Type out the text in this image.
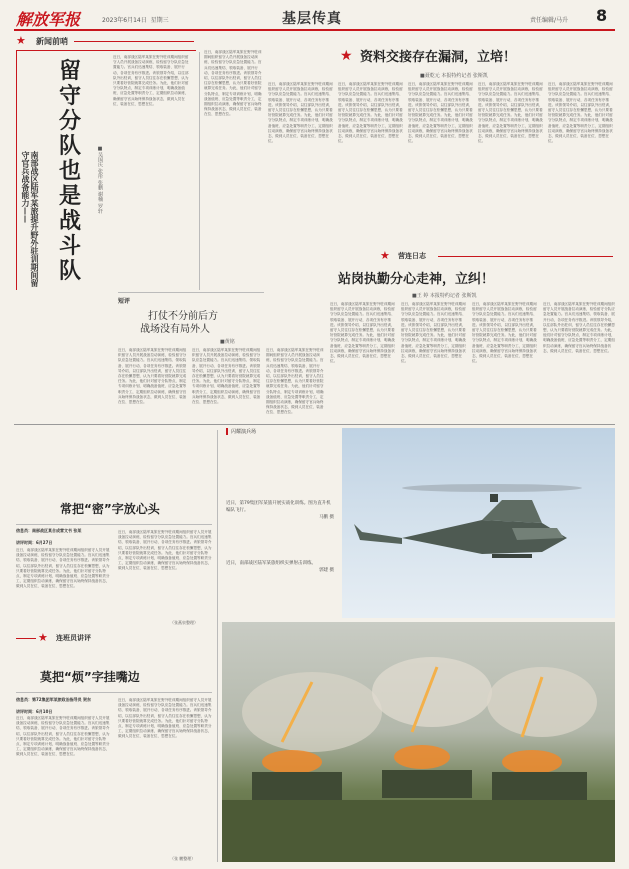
解放军报	2023年6月14日 星期三	基层传真	责任编辑/马升 8
★ 新闻前哨
留
守
分
队
也
是
战
斗
队
南部战区陆军某旅提升野外驻训期间留守官兵战备能力——	■吴国庆 张彤 张鹏 谢楠 罗轩
近日，南部战区陆军某旅在野外驻训期间组织留守人员开展战备拉动演练，检验留守分队应急处置能力。官兵们迅速集结、领取装备、展开行动，各项任务有序推进。该旅领导介绍，以往部队外出驻训，留守人员往往存在松懈思想，认为只要看好营院就算完成任务。为此，他们针对留守分队特点，制定专项训练计划，明确战备值班、应急处置等职责分工，定期组织拉动演练，确保留守官兵始终保持战备状态，做到人员在位、装备在位、思想在位。
近日，南部战区陆军某旅在野外驻训期间组织留守人员开展战备拉动演练，检验留守分队应急处置能力。官兵们迅速集结、领取装备、展开行动，各项任务有序推进。该旅领导介绍，以往部队外出驻训，留守人员往往存在松懈思想，认为只要看好营院就算完成任务。为此，他们针对留守分队特点，制定专项训练计划，明确战备值班、应急处置等职责分工，定期组织拉动演练，确保留守官兵始终保持战备状态，做到人员在位、装备在位、思想在位。
资料交接存在漏洞，立培！
★
■聂乾元 本报特约记者 张斯凯
近日，南部战区陆军某旅在野外驻训期间组织留守人员开展战备拉动演练，检验留守分队应急处置能力。官兵们迅速集结、领取装备、展开行动，各项任务有序推进。该旅领导介绍，以往部队外出驻训，留守人员往往存在松懈思想，认为只要看好营院就算完成任务。为此，他们针对留守分队特点，制定专项训练计划，明确战备值班、应急处置等职责分工，定期组织拉动演练，确保留守官兵始终保持战备状态，做到人员在位、装备在位、思想在位。
近日，南部战区陆军某旅在野外驻训期间组织留守人员开展战备拉动演练，检验留守分队应急处置能力。官兵们迅速集结、领取装备、展开行动，各项任务有序推进。该旅领导介绍，以往部队外出驻训，留守人员往往存在松懈思想，认为只要看好营院就算完成任务。为此，他们针对留守分队特点，制定专项训练计划，明确战备值班、应急处置等职责分工，定期组织拉动演练，确保留守官兵始终保持战备状态，做到人员在位、装备在位、思想在位。
近日，南部战区陆军某旅在野外驻训期间组织留守人员开展战备拉动演练，检验留守分队应急处置能力。官兵们迅速集结、领取装备、展开行动，各项任务有序推进。该旅领导介绍，以往部队外出驻训，留守人员往往存在松懈思想，认为只要看好营院就算完成任务。为此，他们针对留守分队特点，制定专项训练计划，明确战备值班、应急处置等职责分工，定期组织拉动演练，确保留守官兵始终保持战备状态，做到人员在位、装备在位、思想在位。
近日，南部战区陆军某旅在野外驻训期间组织留守人员开展战备拉动演练，检验留守分队应急处置能力。官兵们迅速集结、领取装备、展开行动，各项任务有序推进。该旅领导介绍，以往部队外出驻训，留守人员往往存在松懈思想，认为只要看好营院就算完成任务。为此，他们针对留守分队特点，制定专项训练计划，明确战备值班、应急处置等职责分工，定期组织拉动演练，确保留守官兵始终保持战备状态，做到人员在位、装备在位、思想在位。
近日，南部战区陆军某旅在野外驻训期间组织留守人员开展战备拉动演练，检验留守分队应急处置能力。官兵们迅速集结、领取装备、展开行动，各项任务有序推进。该旅领导介绍，以往部队外出驻训，留守人员往往存在松懈思想，认为只要看好营院就算完成任务。为此，他们针对留守分队特点，制定专项训练计划，明确战备值班、应急处置等职责分工，定期组织拉动演练，确保留守官兵始终保持战备状态，做到人员在位、装备在位、思想在位。
短评
打仗不分前后方
战场没有局外人
■黄铭
近日，南部战区陆军某旅在野外驻训期间组织留守人员开展战备拉动演练，检验留守分队应急处置能力。官兵们迅速集结、领取装备、展开行动，各项任务有序推进。该旅领导介绍，以往部队外出驻训，留守人员往往存在松懈思想，认为只要看好营院就算完成任务。为此，他们针对留守分队特点，制定专项训练计划，明确战备值班、应急处置等职责分工，定期组织拉动演练，确保留守官兵始终保持战备状态，做到人员在位、装备在位、思想在位。
近日，南部战区陆军某旅在野外驻训期间组织留守人员开展战备拉动演练，检验留守分队应急处置能力。官兵们迅速集结、领取装备、展开行动，各项任务有序推进。该旅领导介绍，以往部队外出驻训，留守人员往往存在松懈思想，认为只要看好营院就算完成任务。为此，他们针对留守分队特点，制定专项训练计划，明确战备值班、应急处置等职责分工，定期组织拉动演练，确保留守官兵始终保持战备状态，做到人员在位、装备在位、思想在位。
近日，南部战区陆军某旅在野外驻训期间组织留守人员开展战备拉动演练，检验留守分队应急处置能力。官兵们迅速集结、领取装备、展开行动，各项任务有序推进。该旅领导介绍，以往部队外出驻训，留守人员往往存在松懈思想，认为只要看好营院就算完成任务。为此，他们针对留守分队特点，制定专项训练计划，明确战备值班、应急处置等职责分工，定期组织拉动演练，确保留守官兵始终保持战备状态，做到人员在位、装备在位、思想在位。
★ 营连日志
站岗执勤分心走神，立纠！
■王 婷 本报特约记者 张斯凯
近日，南部战区陆军某旅在野外驻训期间组织留守人员开展战备拉动演练，检验留守分队应急处置能力。官兵们迅速集结、领取装备、展开行动，各项任务有序推进。该旅领导介绍，以往部队外出驻训，留守人员往往存在松懈思想，认为只要看好营院就算完成任务。为此，他们针对留守分队特点，制定专项训练计划，明确战备值班、应急处置等职责分工，定期组织拉动演练，确保留守官兵始终保持战备状态，做到人员在位、装备在位、思想在位。
近日，南部战区陆军某旅在野外驻训期间组织留守人员开展战备拉动演练，检验留守分队应急处置能力。官兵们迅速集结、领取装备、展开行动，各项任务有序推进。该旅领导介绍，以往部队外出驻训，留守人员往往存在松懈思想，认为只要看好营院就算完成任务。为此，他们针对留守分队特点，制定专项训练计划，明确战备值班、应急处置等职责分工，定期组织拉动演练，确保留守官兵始终保持战备状态，做到人员在位、装备在位、思想在位。
近日，南部战区陆军某旅在野外驻训期间组织留守人员开展战备拉动演练，检验留守分队应急处置能力。官兵们迅速集结、领取装备、展开行动，各项任务有序推进。该旅领导介绍，以往部队外出驻训，留守人员往往存在松懈思想，认为只要看好营院就算完成任务。为此，他们针对留守分队特点，制定专项训练计划，明确战备值班、应急处置等职责分工，定期组织拉动演练，确保留守官兵始终保持战备状态，做到人员在位、装备在位、思想在位。
近日，南部战区陆军某旅在野外驻训期间组织留守人员开展战备拉动演练，检验留守分队应急处置能力。官兵们迅速集结、领取装备、展开行动，各项任务有序推进。该旅领导介绍，以往部队外出驻训，留守人员往往存在松懈思想，认为只要看好营院就算完成任务。为此，他们针对留守分队特点，制定专项训练计划，明确战备值班、应急处置等职责分工，定期组织拉动演练，确保留守官兵始终保持战备状态，做到人员在位、装备在位、思想在位。
闪耀演兵场
常把“密”字放心头
信息员：南部战区某合成营文书 张某
讲评时间：6月27日
近日，南部战区陆军某旅在野外驻训期间组织留守人员开展战备拉动演练，检验留守分队应急处置能力。官兵们迅速集结、领取装备、展开行动，各项任务有序推进。该旅领导介绍，以往部队外出驻训，留守人员往往存在松懈思想，认为只要看好营院就算完成任务。为此，他们针对留守分队特点，制定专项训练计划，明确战备值班、应急处置等职责分工，定期组织拉动演练，确保留守官兵始终保持战备状态，做到人员在位、装备在位、思想在位。
近日，南部战区陆军某旅在野外驻训期间组织留守人员开展战备拉动演练，检验留守分队应急处置能力。官兵们迅速集结、领取装备、展开行动，各项任务有序推进。该旅领导介绍，以往部队外出驻训，留守人员往往存在松懈思想，认为只要看好营院就算完成任务。为此，他们针对留守分队特点，制定专项训练计划，明确战备值班、应急处置等职责分工，定期组织拉动演练，确保留守官兵始终保持战备状态，做到人员在位、装备在位、思想在位。
（张燕泉整理）
★ 连班员讲评
莫把“烦”字挂嘴边
信息员：第72集团军某旅政治指导员 贺东
讲评时间：6月10日
近日，南部战区陆军某旅在野外驻训期间组织留守人员开展战备拉动演练，检验留守分队应急处置能力。官兵们迅速集结、领取装备、展开行动，各项任务有序推进。该旅领导介绍，以往部队外出驻训，留守人员往往存在松懈思想，认为只要看好营院就算完成任务。为此，他们针对留守分队特点，制定专项训练计划，明确战备值班、应急处置等职责分工，定期组织拉动演练，确保留守官兵始终保持战备状态，做到人员在位、装备在位、思想在位。
近日，南部战区陆军某旅在野外驻训期间组织留守人员开展战备拉动演练，检验留守分队应急处置能力。官兵们迅速集结、领取装备、展开行动，各项任务有序推进。该旅领导介绍，以往部队外出驻训，留守人员往往存在松懈思想，认为只要看好营院就算完成任务。为此，他们针对留守分队特点，制定专项训练计划，明确战备值班、应急处置等职责分工，定期组织拉动演练，确保留守官兵始终保持战备状态，做到人员在位、装备在位、思想在位。
（张 鹏整理）
近日，第79集团军某旅开展实战化训练。图为直升机编队飞行。
马鹏 摄
近日，南部战区陆军某旅组织实弹射击训练。
郭建 摄
